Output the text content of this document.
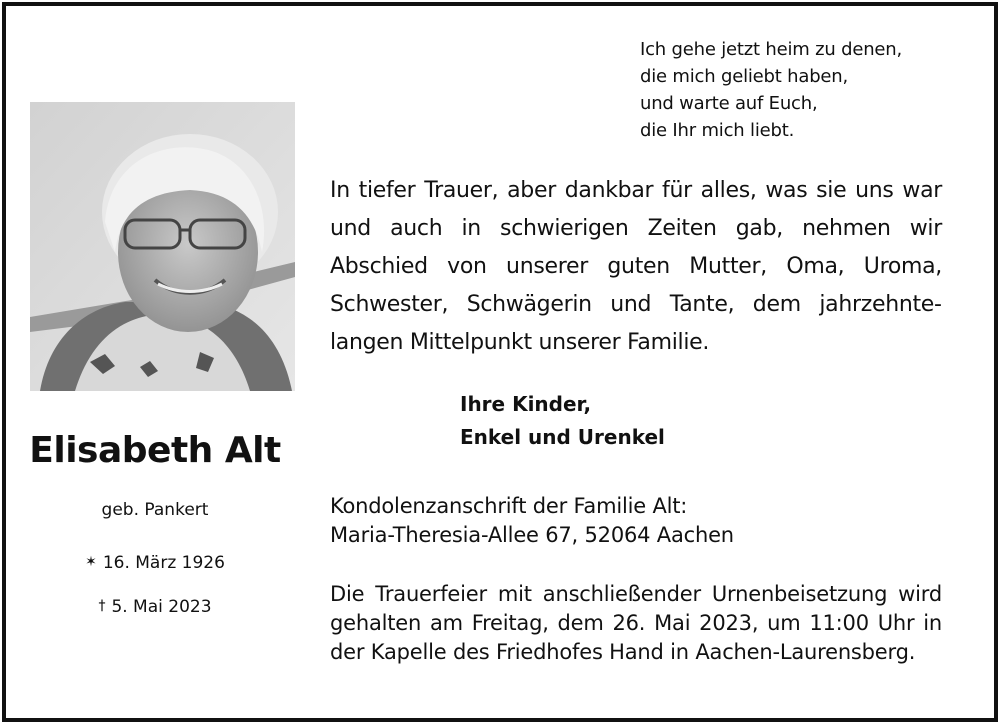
Ich gehe jetzt heim zu denen,
die mich geliebt haben,
und warte auf Euch,
die Ihr mich liebt.
Elisabeth Alt
geb. Pankert
✶ 16. März 1926
† 5. Mai 2023
In tiefer Trauer, aber dankbar für alles, was sie uns war und auch in schwierigen Zeiten gab, nehmen wir Abschied von unserer guten Mutter, Oma, Uroma, Schwester, Schwägerin und Tante, dem jahrzehntelangen Mittelpunkt unserer Familie.
Ihre Kinder,
Enkel und Urenkel
Kondolenzanschrift der Familie Alt:
Maria-Theresia-Allee 67, 52064 Aachen
Die Trauerfeier mit anschließender Urnenbeisetzung wird gehalten am Freitag, dem 26. Mai 2023, um 11:00 Uhr in der Kapelle des Friedhofes Hand in Aachen-Laurensberg.
